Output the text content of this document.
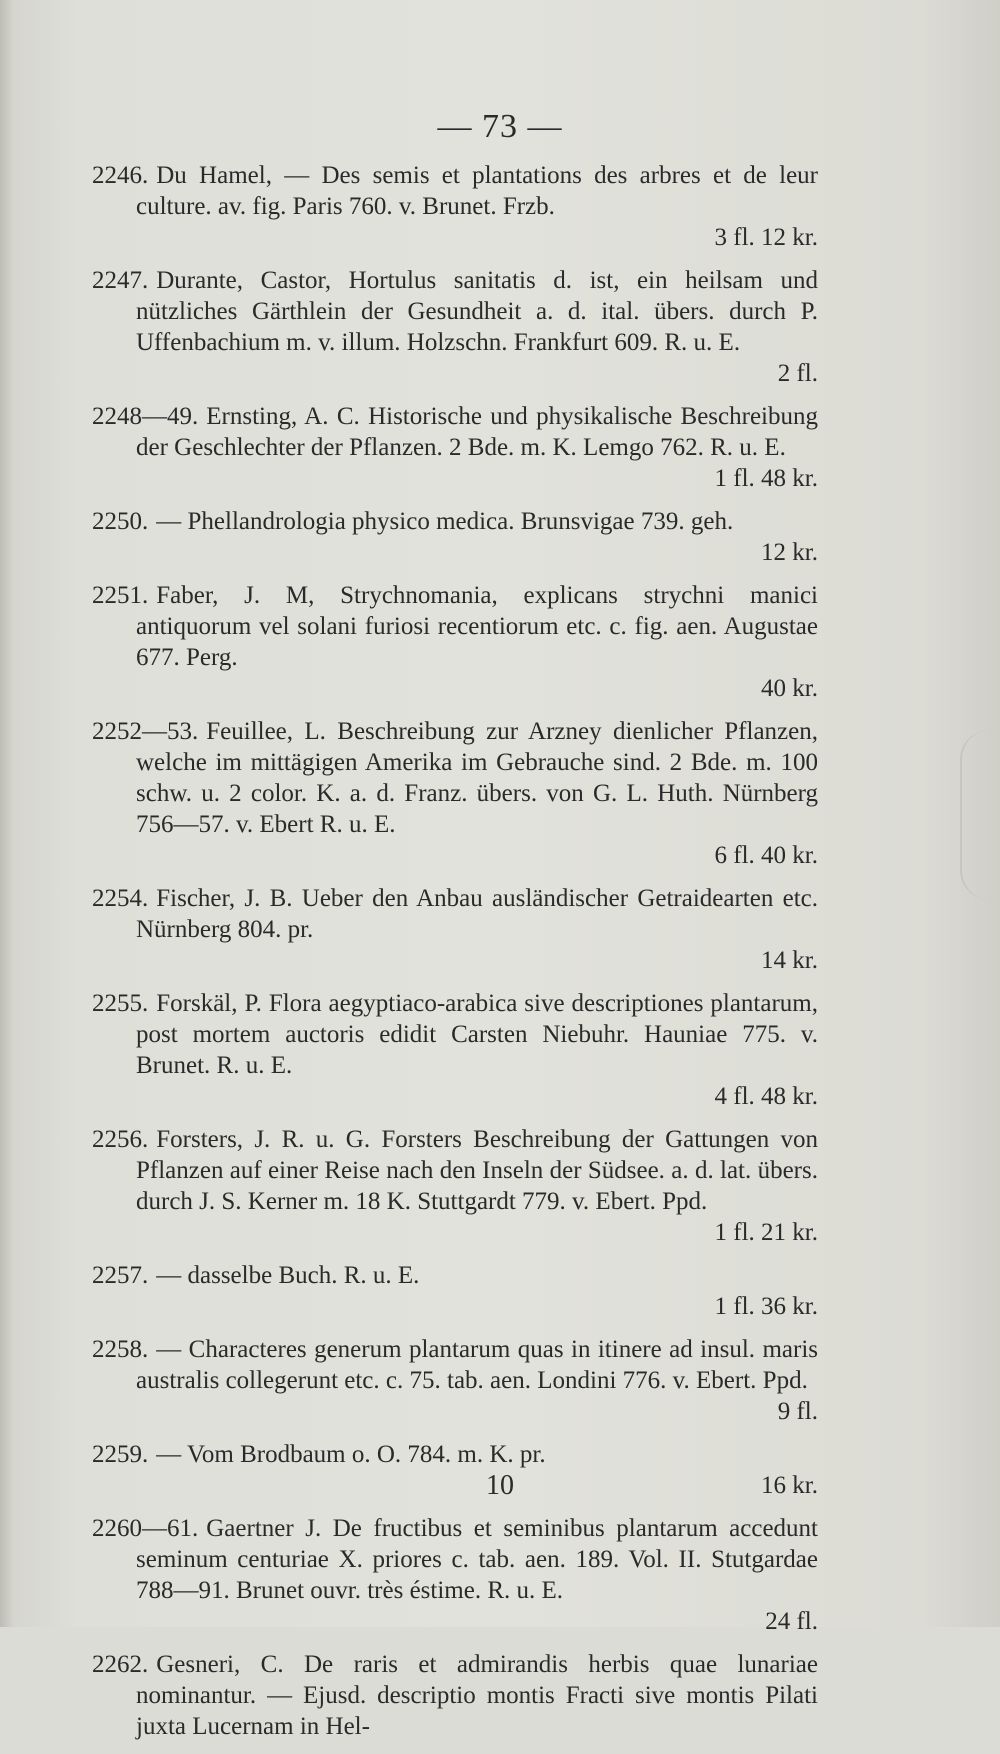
— 73 —
2246. Du Hamel, — Des semis et plantations des arbres et de leur culture. av. fig. Paris 760. v. Brunet. Frzb.
3 fl. 12 kr.
2247. Durante, Castor, Hortulus sanitatis d. ist, ein heilsam und nützliches Gärthlein der Gesundheit a. d. ital. übers. durch P. Uffenbachium m. v. illum. Holzschn. Frankfurt 609. R. u. E.
2 fl.
2248—49. Ernsting, A. C. Historische und physikalische Beschreibung der Geschlechter der Pflanzen. 2 Bde. m. K. Lemgo 762. R. u. E.
1 fl. 48 kr.
2250. — Phellandrologia physico medica. Brunsvigae 739. geh.
12 kr.
2251. Faber, J. M, Strychnomania, explicans strychni manici antiquorum vel solani furiosi recentiorum etc. c. fig. aen. Augustae 677. Perg.
40 kr.
2252—53. Feuillee, L. Beschreibung zur Arzney dienlicher Pflanzen, welche im mittägigen Amerika im Gebrauche sind. 2 Bde. m. 100 schw. u. 2 color. K. a. d. Franz. übers. von G. L. Huth. Nürnberg 756—57. v. Ebert R. u. E.
6 fl. 40 kr.
2254. Fischer, J. B. Ueber den Anbau ausländischer Getraidearten etc. Nürnberg 804. pr.
14 kr.
2255. Forskäl, P. Flora aegyptiaco-arabica sive descriptiones plantarum, post mortem auctoris edidit Carsten Niebuhr. Hauniae 775. v. Brunet. R. u. E.
4 fl. 48 kr.
2256. Forsters, J. R. u. G. Forsters Beschreibung der Gattungen von Pflanzen auf einer Reise nach den Inseln der Südsee. a. d. lat. übers. durch J. S. Kerner m. 18 K. Stuttgardt 779. v. Ebert. Ppd.
1 fl. 21 kr.
2257. — dasselbe Buch. R. u. E.
1 fl. 36 kr.
2258. — Characteres generum plantarum quas in itinere ad insul. maris australis collegerunt etc. c. 75. tab. aen. Londini 776. v. Ebert. Ppd.
9 fl.
2259. — Vom Brodbaum o. O. 784. m. K. pr.
16 kr.
2260—61. Gaertner J. De fructibus et seminibus plantarum accedunt seminum centuriae X. priores c. tab. aen. 189. Vol. II. Stutgardae 788—91. Brunet ouvr. très éstime. R. u. E.
24 fl.
2262. Gesneri, C. De raris et admirandis herbis quae lunariae nominantur. — Ejusd. descriptio montis Fracti sive montis Pilati juxta Lucernam in Hel-
10
